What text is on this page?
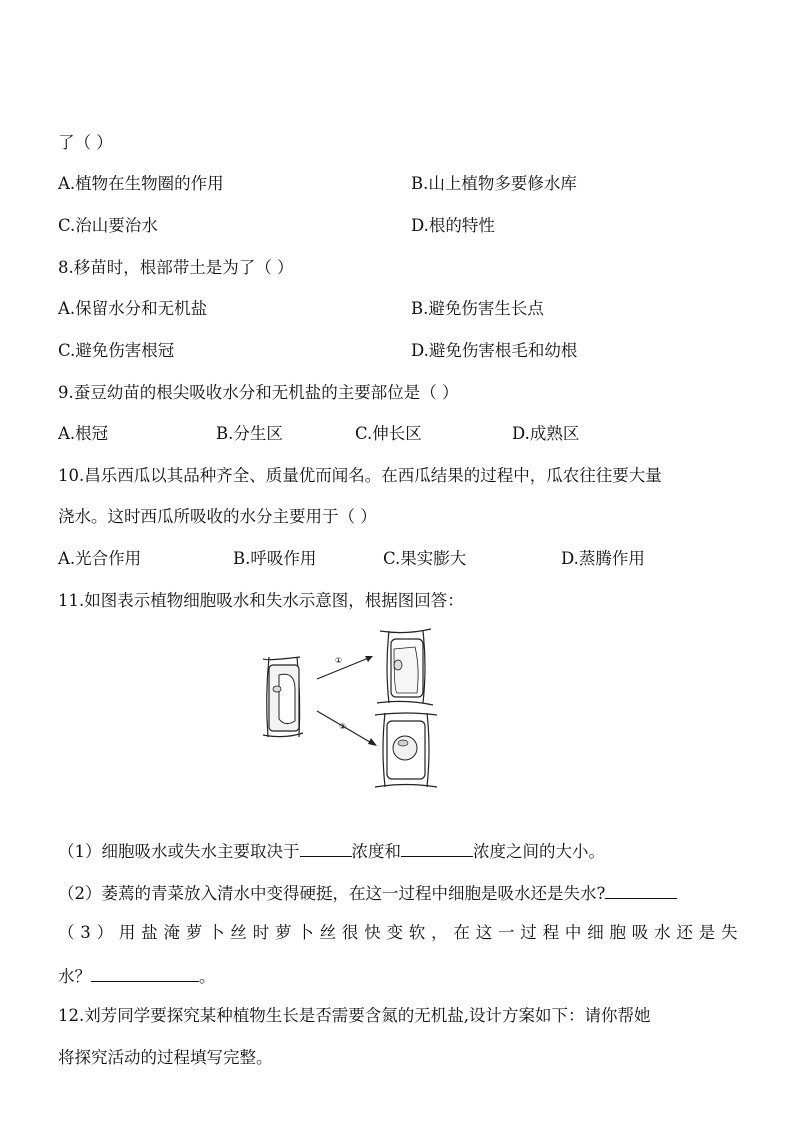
了（ ）
A.植物在生物圈的作用	B.山上植物多要修水库
C.治山要治水	D.根的特性
8.移苗时，根部带土是为了（ ）
A.保留水分和无机盐	B.避免伤害生长点
C.避免伤害根冠	D.避免伤害根毛和幼根
9.蚕豆幼苗的根尖吸收水分和无机盐的主要部位是（ ）
A.根冠	B.分生区	C.伸长区	D.成熟区
10.昌乐西瓜以其品种齐全、质量优而闻名。在西瓜结果的过程中，瓜农往往要大量
浇水。这时西瓜所吸收的水分主要用于（ ）
A.光合作用	B.呼吸作用	C.果实膨大	D.蒸腾作用
11.如图表示植物细胞吸水和失水示意图，根据图回答：
①
②
（1）细胞吸水或失水主要取决于	浓度和	浓度之间的大小。
（2）萎蔫的青菜放入清水中变得硬挺，在这一过程中细胞是吸水还是失水?
（3）用盐淹萝卜丝时萝卜丝很快变软，在这一过程中细胞吸水还是失
水？	。
12.刘芳同学要探究某种植物生长是否需要含氮的无机盐,设计方案如下：请你帮她
将探究活动的过程填写完整。
